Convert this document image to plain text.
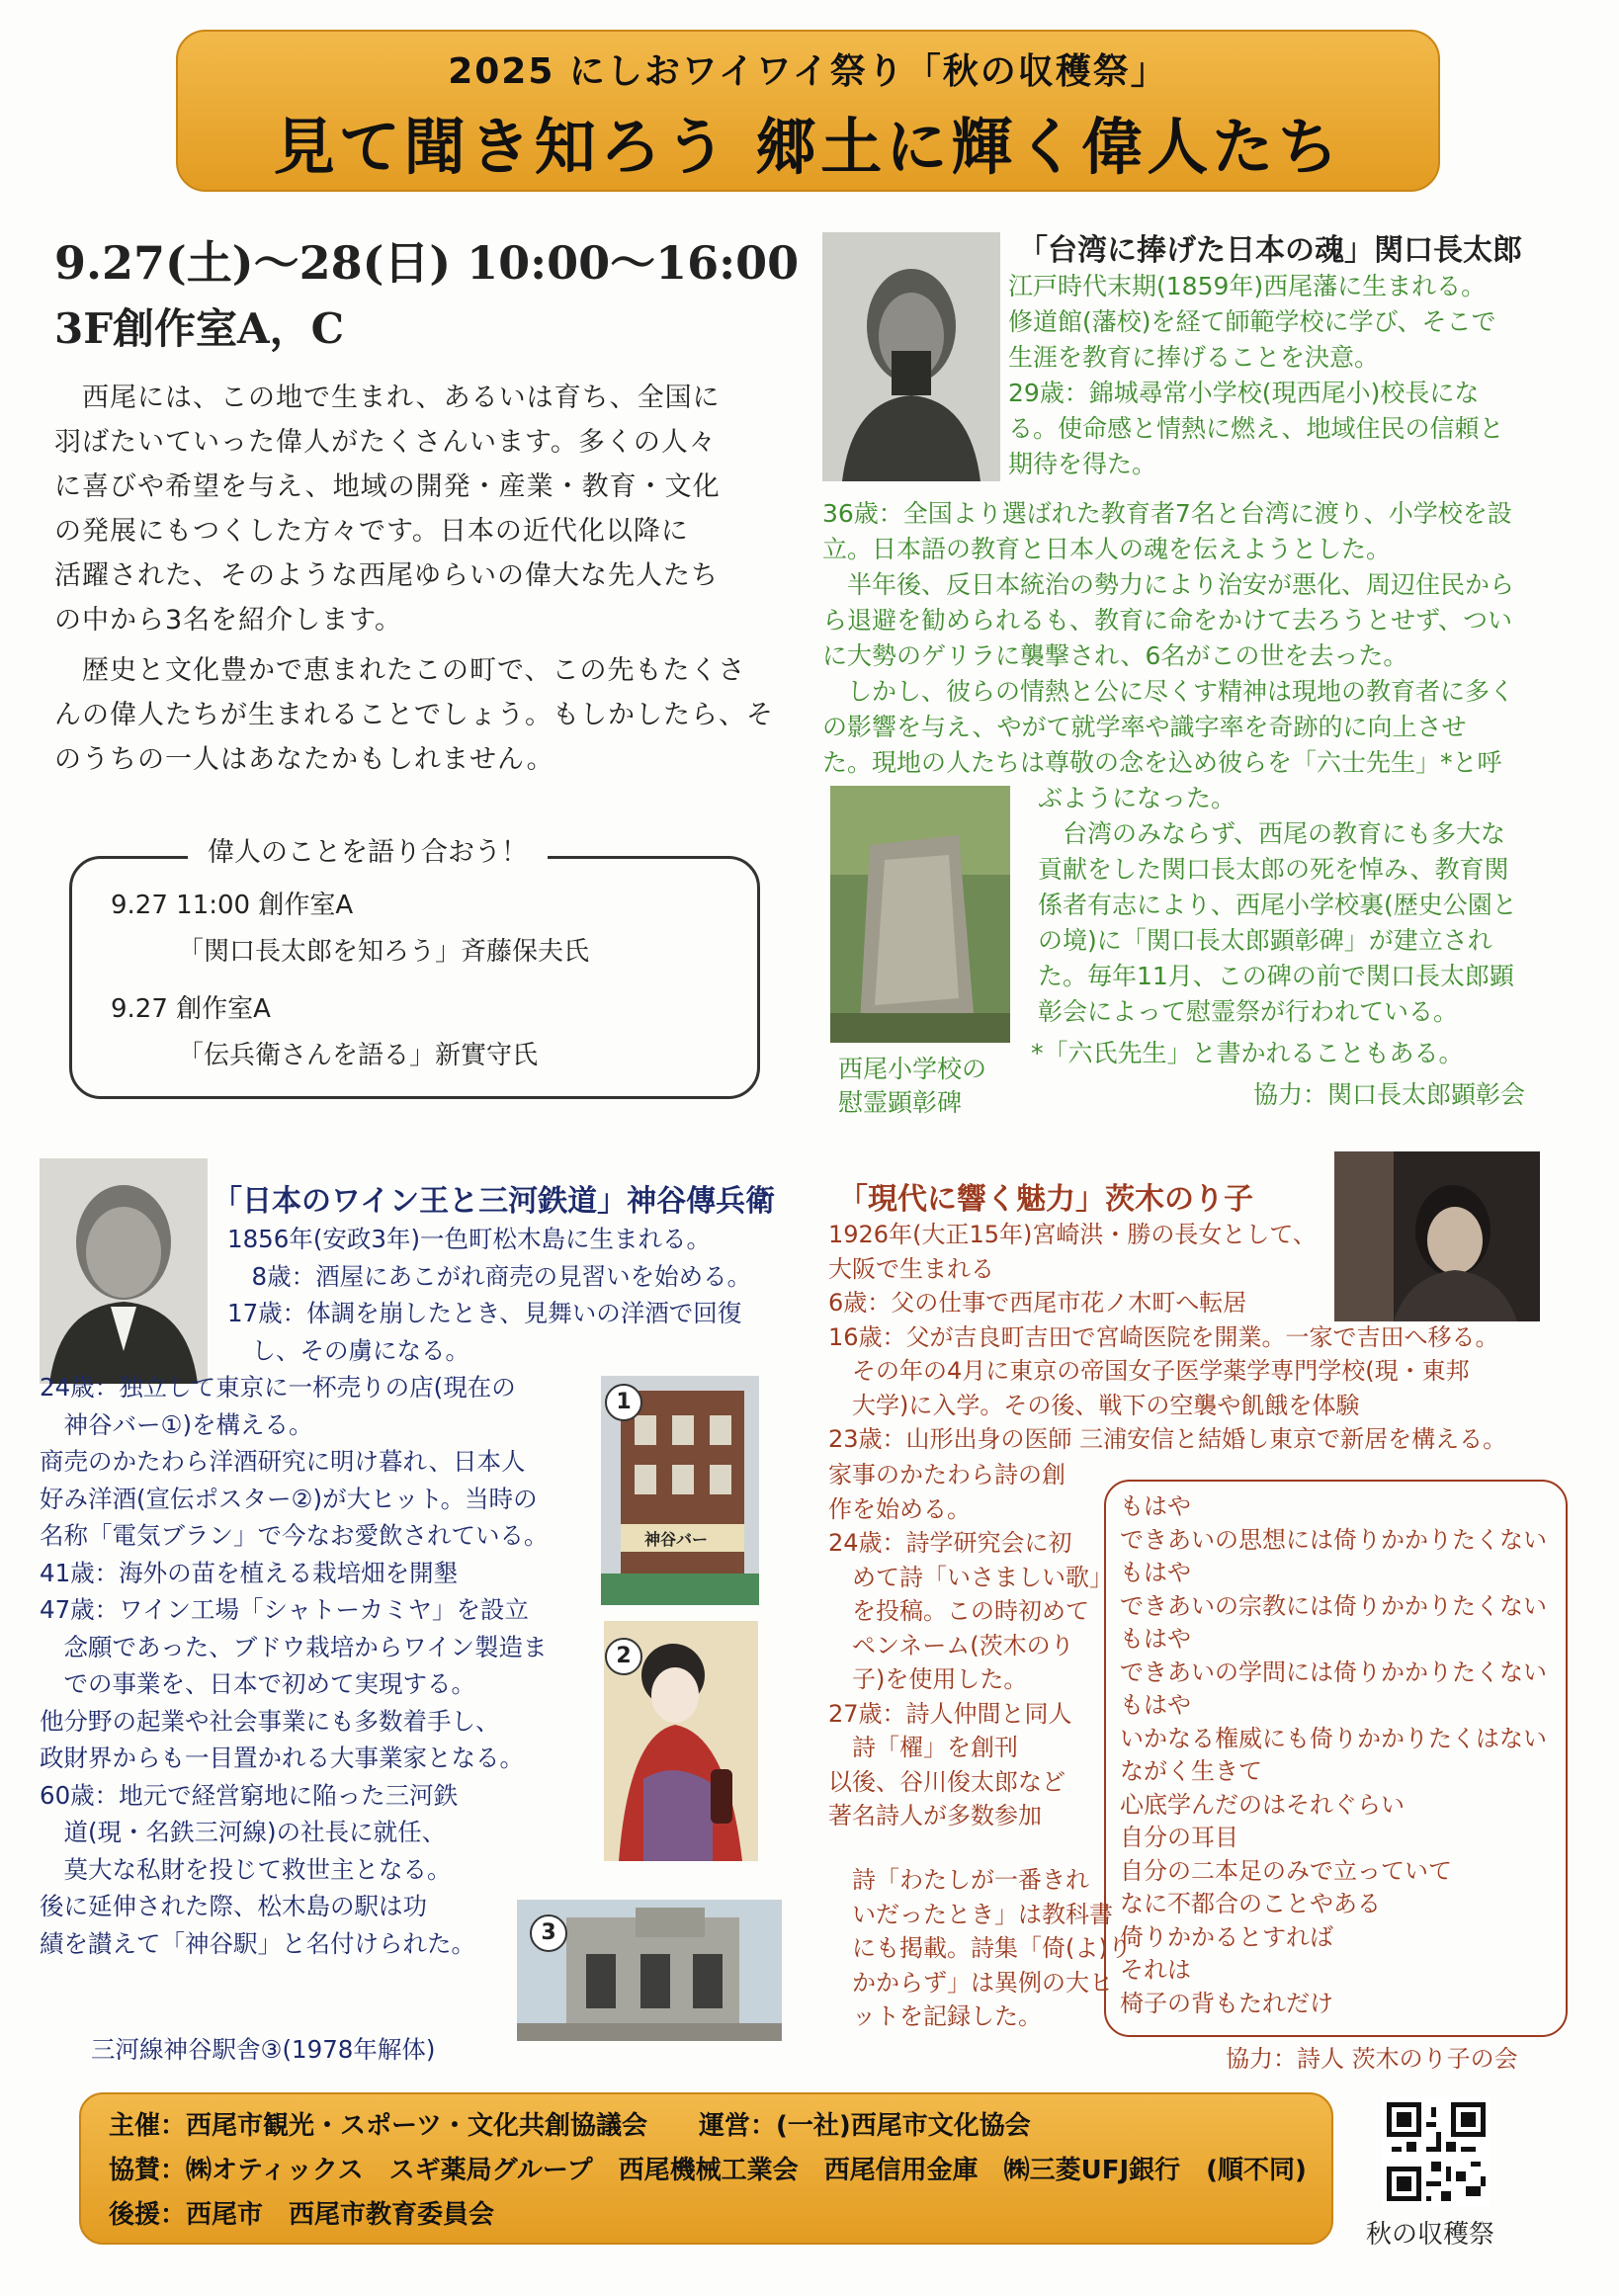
2025 にしおワイワイ祭り「秋の収穫祭」
見て聞き知ろう 郷土に輝く偉人たち
9.27(土)～28(日) 10:00～16:00
3F創作室A，C
　西尾には、この地で生まれ、あるいは育ち、全国に
羽ばたいていった偉人がたくさんいます。多くの人々
に喜びや希望を与え、地域の開発・産業・教育・文化
の発展にもつくした方々です。日本の近代化以降に
活躍された、そのような西尾ゆらいの偉大な先人たち
の中から3名を紹介します。
　歴史と文化豊かで恵まれたこの町で、この先もたくさ
んの偉人たちが生まれることでしょう。もしかしたら、そ
のうちの一人はあなたかもしれません。
偉人のことを語り合おう！
9.27 11:00 創作室A
「関口長太郎を知ろう」斉藤保夫氏
9.27 創作室A
「伝兵衛さんを語る」新實守氏
「台湾に捧げた日本の魂」関口長太郎
江戸時代末期(1859年)西尾藩に生まれる。
修道館(藩校)を経て師範学校に学び、そこで
生涯を教育に捧げることを決意。
29歳：錦城尋常小学校(現西尾小)校長にな
る。使命感と情熱に燃え、地域住民の信頼と
期待を得た。
36歳：全国より選ばれた教育者7名と台湾に渡り、小学校を設
立。日本語の教育と日本人の魂を伝えようとした。
　半年後、反日本統治の勢力により治安が悪化、周辺住民から
ら退避を勧められるも、教育に命をかけて去ろうとせず、つい
に大勢のゲリラに襲撃され、6名がこの世を去った。
　しかし、彼らの情熱と公に尽くす精神は現地の教育者に多く
の影響を与え、やがて就学率や識字率を奇跡的に向上させ
た。現地の人たちは尊敬の念を込め彼らを「六士先生」*と呼
西尾小学校の
慰霊顕彰碑
ぶようになった。
　台湾のみならず、西尾の教育にも多大な
貢献をした関口長太郎の死を悼み、教育関
係者有志により、西尾小学校裏(歴史公園と
の境)に「関口長太郎顕彰碑」が建立され
た。毎年11月、この碑の前で関口長太郎顕
彰会によって慰霊祭が行われている。
*「六氏先生」と書かれることもある。
協力：関口長太郎顕彰会
「日本のワイン王と三河鉄道」神谷傳兵衛
1856年(安政3年)一色町松木島に生まれる。
　8歳：酒屋にあこがれ商売の見習いを始める。
17歳：体調を崩したとき、見舞いの洋酒で回復
　し、その虜になる。
24歳：独立して東京に一杯売りの店(現在の
　神谷バー①)を構える。
商売のかたわら洋酒研究に明け暮れ、日本人
好み洋酒(宣伝ポスター②)が大ヒット。当時の
名称「電気ブラン」で今なお愛飲されている。
41歳：海外の苗を植える栽培畑を開墾
47歳：ワイン工場「シャトーカミヤ」を設立
　念願であった、ブドウ栽培からワイン製造ま
　での事業を、日本で初めて実現する。
他分野の起業や社会事業にも多数着手し、
政財界からも一目置かれる大事業家となる。
60歳：地元で経営窮地に陥った三河鉄
　道(現・名鉄三河線)の社長に就任、
　莫大な私財を投じて救世主となる。
後に延伸された際、松木島の駅は功
績を讃えて「神谷駅」と名付けられた。
三河線神谷駅舎③(1978年解体)
神谷バー
1
2
3
「現代に響く魅力」茨木のり子
1926年(大正15年)宮崎洪・勝の長女として、
大阪で生まれる
6歳：父の仕事で西尾市花ノ木町へ転居
16歳：父が吉良町吉田で宮崎医院を開業。一家で吉田へ移る。
　その年の4月に東京の帝国女子医学薬学専門学校(現・東邦
　大学)に入学。その後、戦下の空襲や飢餓を体験
23歳：山形出身の医師 三浦安信と結婚し東京で新居を構える。
家事のかたわら詩の創
作を始める。
24歳：詩学研究会に初
　めて詩「いさましい歌」
　を投稿。この時初めて
　ペンネーム(茨木のり
　子)を使用した。
27歳：詩人仲間と同人
　詩「櫂」を創刊
以後、谷川俊太郎など
著名詩人が多数参加
　詩「わたしが一番きれ
　いだったとき」は教科書
　にも掲載。詩集「倚(よ)り
　かからず」は異例の大ヒ
　ットを記録した。
もはや
できあいの思想には倚りかかりたくない
もはや
できあいの宗教には倚りかかりたくない
もはや
できあいの学問には倚りかかりたくない
もはや
いかなる権威にも倚りかかりたくはない
ながく生きて
心底学んだのはそれぐらい
自分の耳目
自分の二本足のみで立っていて
なに不都合のことやある
倚りかかるとすれば
それは
椅子の背もたれだけ
協力：詩人 茨木のり子の会
主催：西尾市観光・スポーツ・文化共創協議会　　運営：(一社)西尾市文化協会
協賛：㈱オティックス　スギ薬局グループ　西尾機械工業会　西尾信用金庫　㈱三菱UFJ銀行　(順不同)
後援：西尾市　西尾市教育委員会
秋の収穫祭
